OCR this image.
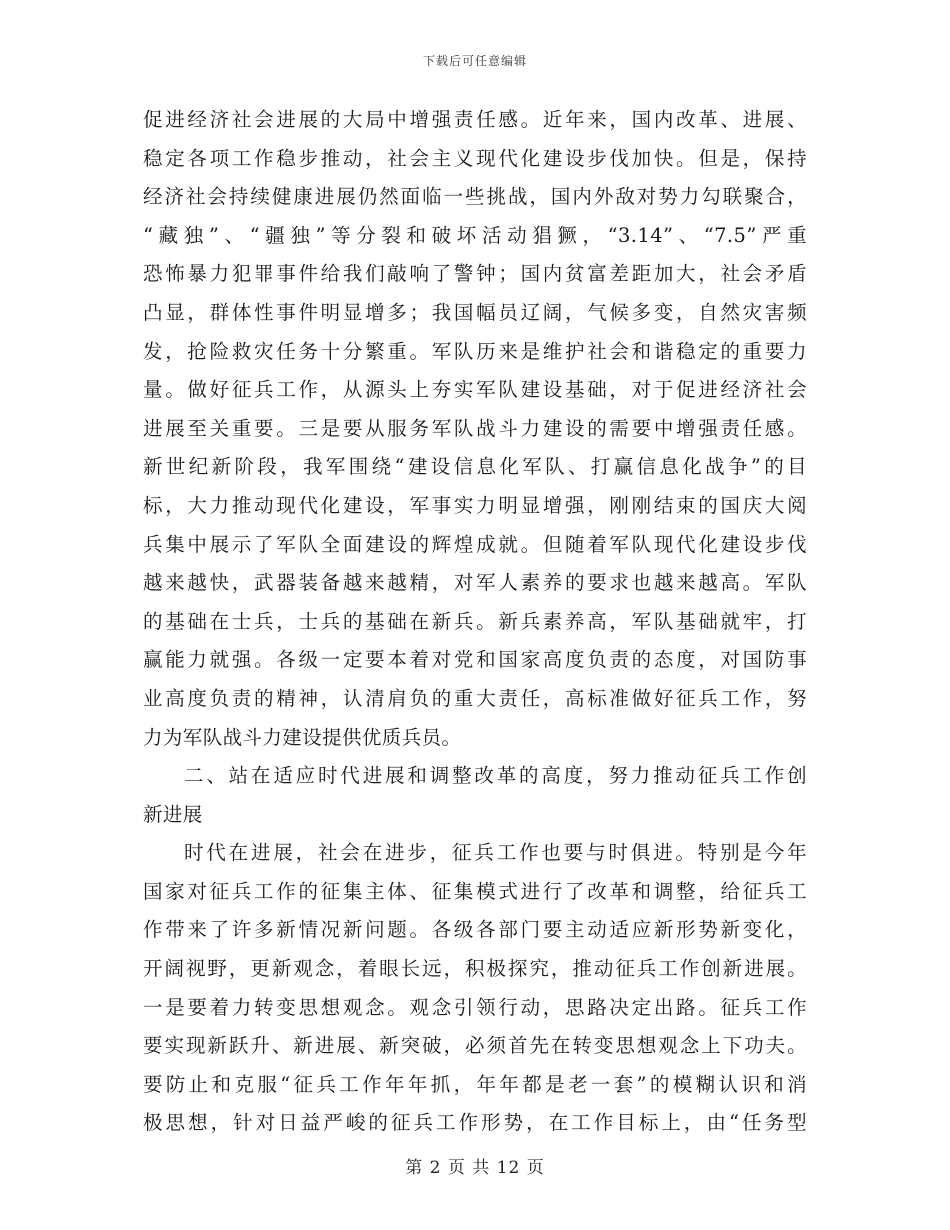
下载后可任意编辑
促进经济社会进展的大局中增强责任感。近年来，国内改革、进展、
稳定各项工作稳步推动，社会主义现代化建设步伐加快。但是，保持
经济社会持续健康进展仍然面临一些挑战，国内外敌对势力勾联聚合，
“藏独”、“疆独”等分裂和破坏活动猖獗，“3.14”、“7.5”严重
恐怖暴力犯罪事件给我们敲响了警钟；国内贫富差距加大，社会矛盾
凸显，群体性事件明显增多；我国幅员辽阔，气候多变，自然灾害频
发，抢险救灾任务十分繁重。军队历来是维护社会和谐稳定的重要力
量。做好征兵工作，从源头上夯实军队建设基础，对于促进经济社会
进展至关重要。三是要从服务军队战斗力建设的需要中增强责任感。
新世纪新阶段，我军围绕“建设信息化军队、打赢信息化战争”的目
标，大力推动现代化建设，军事实力明显增强，刚刚结束的国庆大阅
兵集中展示了军队全面建设的辉煌成就。但随着军队现代化建设步伐
越来越快，武器装备越来越精，对军人素养的要求也越来越高。军队
的基础在士兵，士兵的基础在新兵。新兵素养高，军队基础就牢，打
赢能力就强。各级一定要本着对党和国家高度负责的态度，对国防事
业高度负责的精神，认清肩负的重大责任，高标准做好征兵工作，努
力为军队战斗力建设提供优质兵员。
二、站在适应时代进展和调整改革的高度，努力推动征兵工作创
新进展
时代在进展，社会在进步，征兵工作也要与时俱进。特别是今年
国家对征兵工作的征集主体、征集模式进行了改革和调整，给征兵工
作带来了许多新情况新问题。各级各部门要主动适应新形势新变化，
开阔视野，更新观念，着眼长远，积极探究，推动征兵工作创新进展。
一是要着力转变思想观念。观念引领行动，思路决定出路。征兵工作
要实现新跃升、新进展、新突破，必须首先在转变思想观念上下功夫。
要防止和克服“征兵工作年年抓，年年都是老一套”的模糊认识和消
极思想，针对日益严峻的征兵工作形势，在工作目标上，由“任务型
第 2 页 共 12 页
